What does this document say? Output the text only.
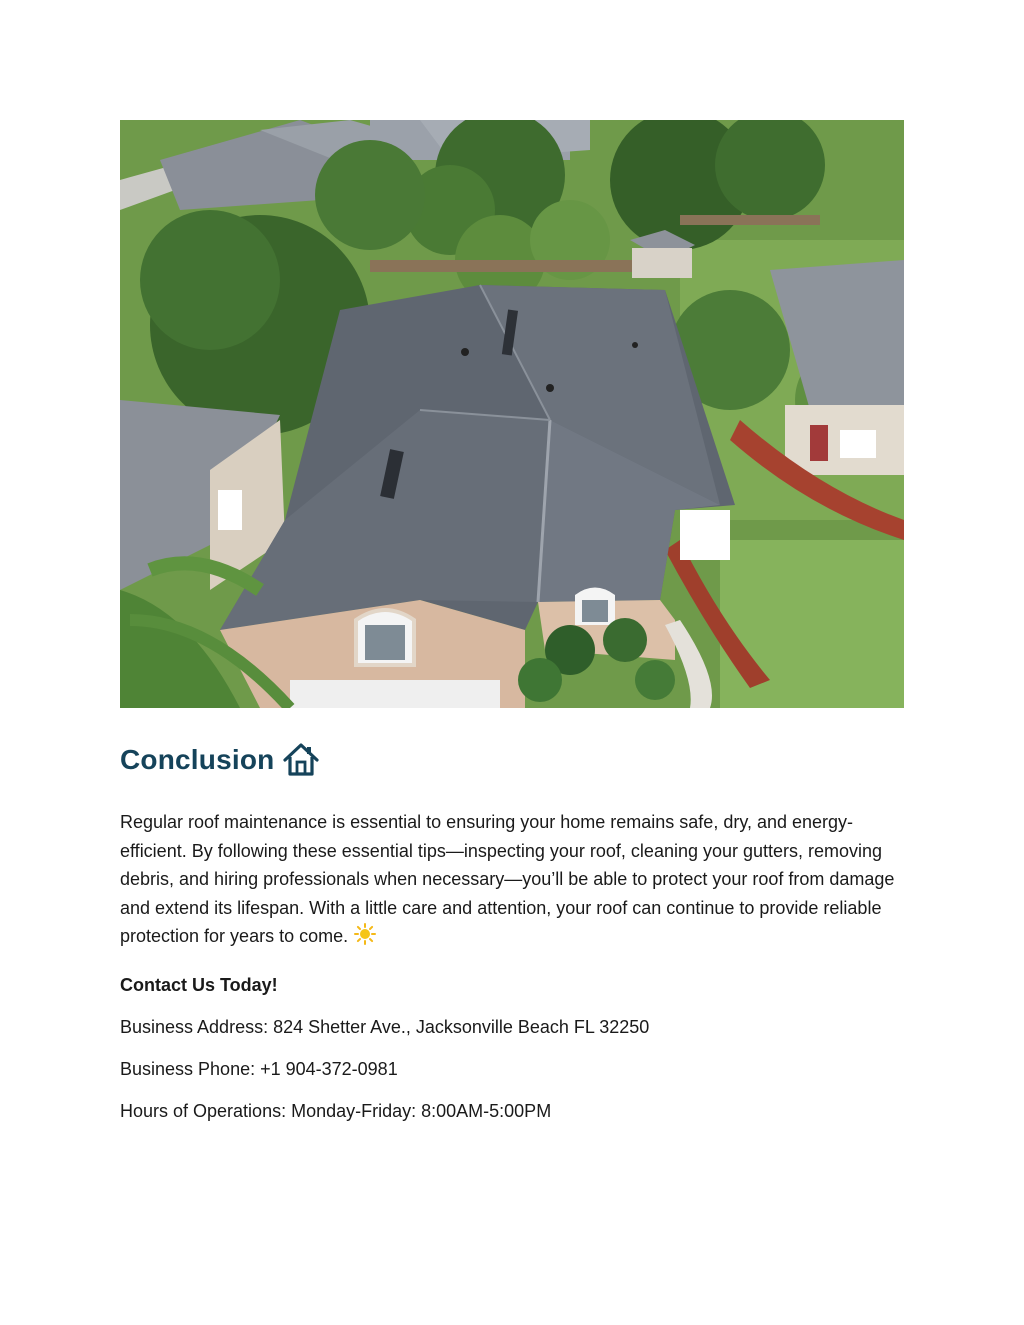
Conclusion

Regular roof maintenance is essential to ensuring your home remains safe, dry, and energy-efficient. By following these essential tips—inspecting your roof, cleaning your gutters, removing debris, and hiring professionals when necessary—you’ll be able to protect your roof from damage and extend its lifespan. With a little care and attention, your roof can continue to provide reliable protection for years to come.

Contact Us Today!

Business Address: 824 Shetter Ave., Jacksonville Beach FL 32250

Business Phone: +1 904-372-0981

Hours of Operations: Monday-Friday: 8:00AM-5:00PM
